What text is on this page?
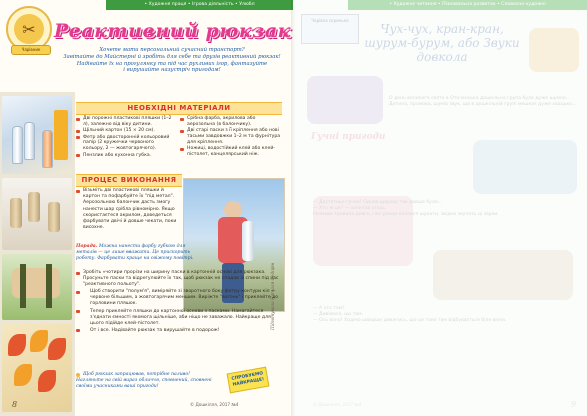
• Художня праця • Ігрова діяльність • Улюбл
✂
Чарівник
Реактивний рюкзак
Хочете мати персональний сучасний транспорт?
Завітайте до Майстерні й зробіть для себе та друзів реактивний рюкзак!
Надівайте їх на прогулянку та під час рухливих ігор, фантазуйте
і вирушайте назустріч пригодам!
НЕОБХІДНІ МАТЕРІАЛИ
Дві порожні пластикові пляшки (1–2 л), залежно від віку дитини.
Щільний картон (15 × 20 см).
Фетр або двосторонній кольоровий папір (2 кружечки червоного кольору, 2 — жовтогарячого).
Пензлик або кухонна губка.
Срібна фарба, акрилова або аерозольна (в балончику).
Дві старі паски з її кріплення або нові тасьми завдовжки 1–2 м та фурнітура для кріплення.
Ножиці, водостійкий клей або клей-пістолет, канцелярський ніж.
ПРОЦЕС ВИКОНАННЯ
Візьміть дві пластикові пляшки й картон та пофарбуйте їх "під метал". Аерозольною балончик дасть змогу нанести шар срібла рівномірно. Якщо скористаєтеся акрилом, доведеться фарбувати двічі й довше чекати, поки висохне.
Порада. Можна нанести фарбу губкою для металів — це лише вважати. Це прискорить роботу. Фарбувати краще на свіжому повітрі.
Зробіть «чотири прорізи на ширину паски в картонній основі для рюкзака. Просуньте паски та відрегулюйте їх так, щоб рюкзак не спадав зі спини під час "реактивного польоту".
Щоб створити "полум'я", виміряйте зі зворотного боку фетру контури кіл — червоне більшим, а жовтогарячим меншим. Виріжте "вогонь" і приклейте до горловини пляшок.
Тепер приклейте пляшки до картонної основи з пасками. Намагайтеся з'єднати ємності якомога щільніше, аби ніщо не заважало. Найкраще для цього підійде клей-пістолет.
От і все. Надівайте рюкзак та вирушайте в подорож!
Щоб рюкзак запрацював, потрібне паливо!
Нагляньте на свій вираз обличчя, сповнений, сповнені своїми учасниками ваші пригоди!
СПРОБУЄМО НАЙКРАЩЕ!
Підготувала Наталя Федорів
8	© Дошкілля, 2017 №4
• Художнє читання • Пізнавальна розвиток • Словесно-художні
Чарівна скринька
Чух-чух, кран-кран, шурум-бурум, або Звуки довкола
Гучні пригоди
О день великого свята в Оточанська дошкільна група було дуже шумно...
Дитина, промова, шумів звук, що в дошкільній групі мешкає дуже хвацько...
— Достатньо гучно! Однак щоразу так довше було...
— Хто ж це? — запитав хтось.
Розмова тривала довго, і всі разом взялися шукати, звідки звучать ці звуки.
— А хто там?
— Дивімося, що там.
— Ось воно! Ходімо швидше дивитись, що це таке там відбувається біля вікна.
9
© Дошкілля, 2017 №4
